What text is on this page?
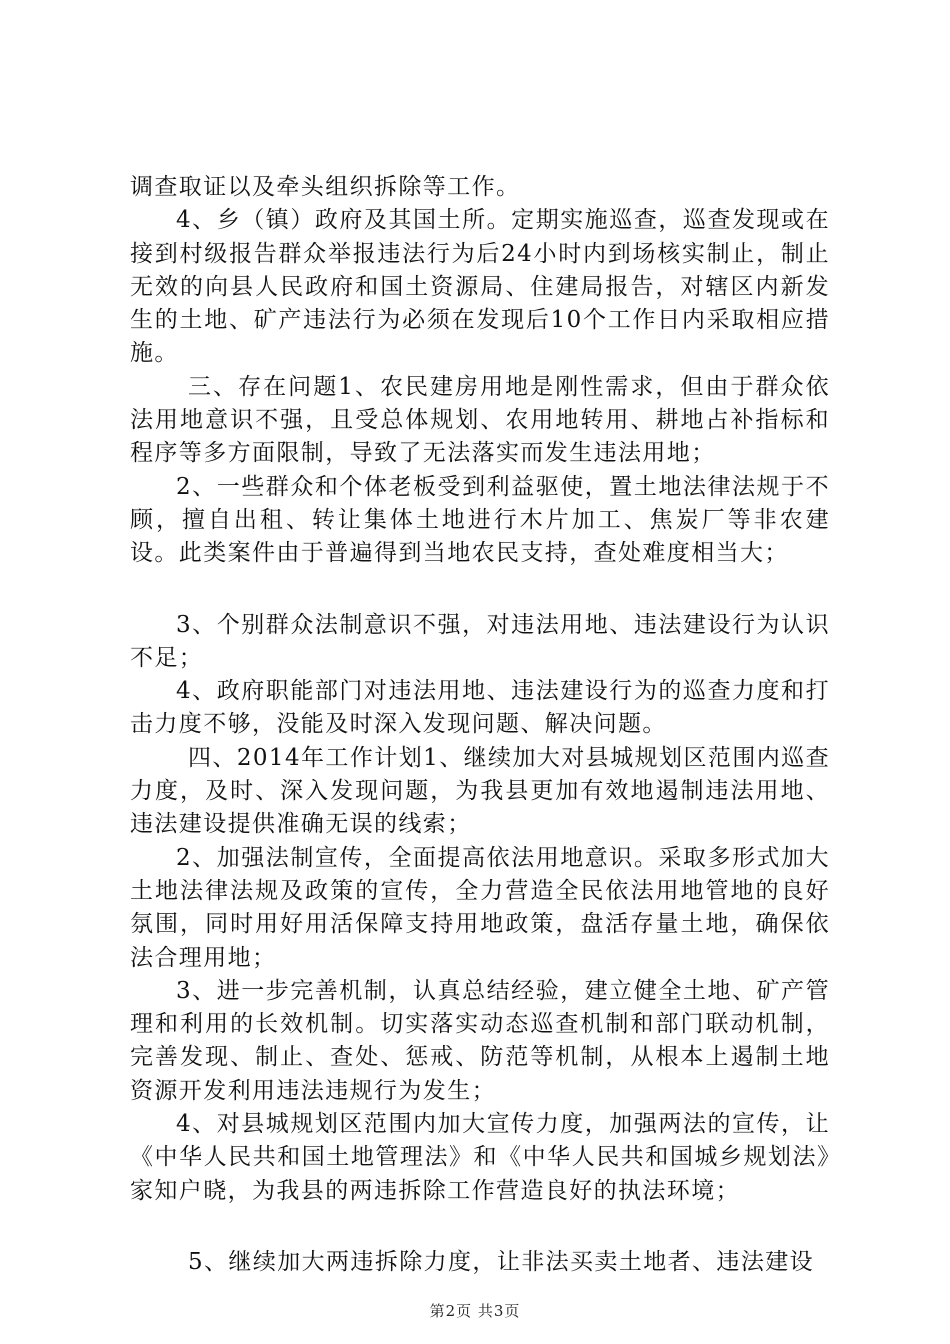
调查取证以及牵头组织拆除等工作。

4、乡（镇）政府及其国土所。定期实施巡查，巡查发现或在接到村级报告群众举报违法行为后24小时内到场核实制止，制止无效的向县人民政府和国土资源局、住建局报告，对辖区内新发生的土地、矿产违法行为必须在发现后10个工作日内采取相应措施。

三、存在问题1、农民建房用地是刚性需求，但由于群众依法用地意识不强，且受总体规划、农用地转用、耕地占补指标和程序等多方面限制，导致了无法落实而发生违法用地；

2、一些群众和个体老板受到利益驱使，置土地法律法规于不顾，擅自出租、转让集体土地进行木片加工、焦炭厂等非农建设。此类案件由于普遍得到当地农民支持，查处难度相当大；

3、个别群众法制意识不强，对违法用地、违法建设行为认识不足；

4、政府职能部门对违法用地、违法建设行为的巡查力度和打击力度不够，没能及时深入发现问题、解决问题。

四、2014年工作计划1、继续加大对县城规划区范围内巡查力度，及时、深入发现问题，为我县更加有效地遏制违法用地、违法建设提供准确无误的线索；

2、加强法制宣传，全面提高依法用地意识。采取多形式加大土地法律法规及政策的宣传，全力营造全民依法用地管地的良好氛围，同时用好用活保障支持用地政策，盘活存量土地，确保依法合理用地；

3、进一步完善机制，认真总结经验，建立健全土地、矿产管理和利用的长效机制。切实落实动态巡查机制和部门联动机制，完善发现、制止、查处、惩戒、防范等机制，从根本上遏制土地资源开发利用违法违规行为发生；

4、对县城规划区范围内加大宣传力度，加强两法的宣传，让《中华人民共和国土地管理法》和《中华人民共和国城乡规划法》家知户晓，为我县的两违拆除工作营造良好的执法环境；

5、继续加大两违拆除力度，让非法买卖土地者、违法建设

第2页 共3页
